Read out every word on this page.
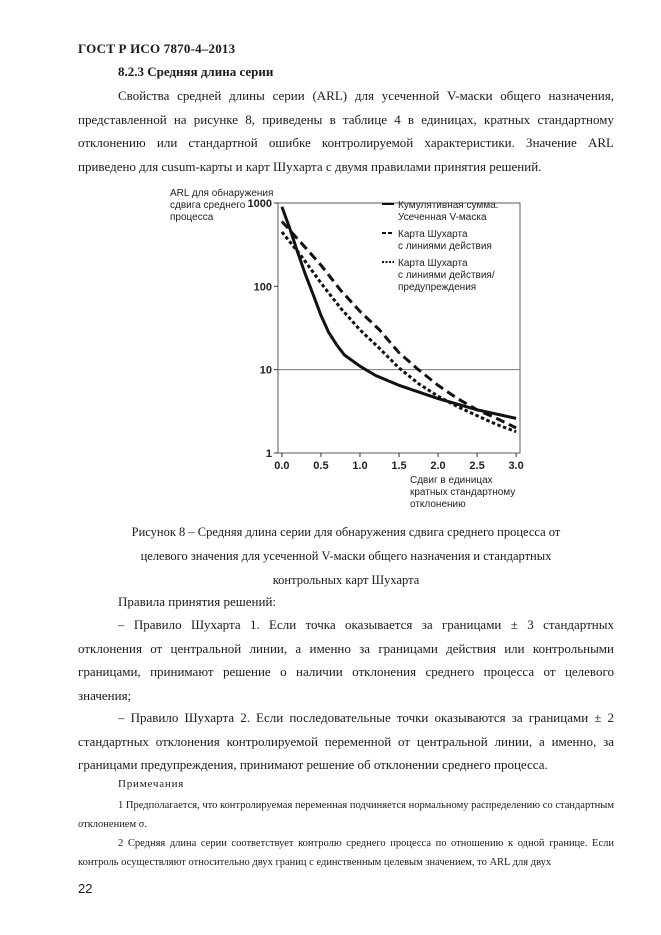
ГОСТ Р ИСО 7870-4–2013
8.2.3 Средняя длина серии
Свойства средней длины серии (ARL) для усеченной V-маски общего назначения, представленной на рисунке 8, приведены в таблице 4 в единицах, кратных стандартному отклонению или стандартной ошибке контролируемой характеристики. Значение ARL приведено для cusum-карты и карт Шухарта с двумя правилами принятия решений.
ARL для обнаружения
сдвига среднего
процесса
Сдвиг в единицах
кратных стандартному
отклонению
1
10
100
1000
0.0 0.5 1.0 1.5 2.0 2.5 3.0
Кумулятивная сумма.
Усеченная V-маска
Карта Шухарта
с линиями действия
Карта Шухарта
с линиями действия/
предупреждения
Рисунок 8 – Средняя длина серии для обнаружения сдвига среднего процесса от
целевого значения для усеченной V-маски общего назначения и стандартных
контрольных карт Шухарта
Правила принятия решений:
– Правило Шухарта 1. Если точка оказывается за границами ± 3 стандартных отклонения от центральной линии, а именно за границами действия или контрольными границами, принимают решение о наличии отклонения среднего процесса от целевого значения;
– Правило Шухарта 2. Если последовательные точки оказываются за границами ± 2 стандартных отклонения контролируемой переменной от центральной линии, а именно, за границами предупреждения, принимают решение об отклонении среднего процесса.
Примечания
1 Предполагается, что контролируемая переменная подчиняется нормальному распределению со стандартным отклонением σ.
2 Средняя длина серии соответствует контролю среднего процесса по отношению к одной границе. Если контроль осуществляют относительно двух границ с единственным целевым значением, то ARL для двух
22
